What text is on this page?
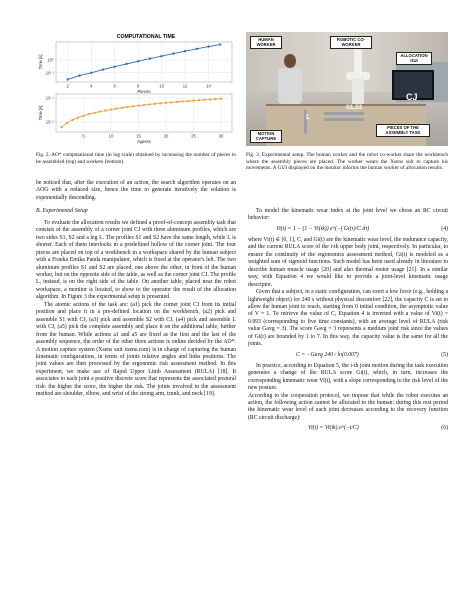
COMPUTATIONAL TIME
2	4	6	8	10	12	14
10⁰
10⁻¹
Pieces
Time [s]
5	10	15	20	25	30
10⁻¹
10⁻²
Agents
Time [s]
Fig. 2. AO* computational time (in log scale) obtained by increasing the number of pieces to be assembled (top) and workers (bottom).
HUMAN WORKER
ROBOTIC CO-WORKER
ALLOCATION GUI
MOTION CAPTURE
PIECES OF THE ASSEMBLY TASK
CJ
L
S1,S2
Fig. 3. Experimental setup. The human worker and the robot co-worker share the workbench where the assembly pieces are placed. The worker wears the Xsens suit to capture his movements. A GUI displayed on the monitor informs the human worker of allocation results.

be noticed that, after the execution of an action, the search algorithm operates on an AOG with a reduced size, hence the time to generate iteratively the solution is exponentially descending.

B. Experimental Setup

To evaluate the allocation results we defined a proof-of-concept assembly task that consists of the assembly of a corner joint CJ with three aluminum profiles, which are two sides S1, S2 and a leg L. The profiles S1 and S2 have the same length, while L is shorter. Each of them interlocks in a predefined hollow of the corner joint. The four pieces are placed on top of a workbench in a workspace shared by the human subject with a Franka Emika Panda manipulator, which is fixed at the operator's left. The two aluminum profiles S1 and S2 are placed, one above the other, in front of the human worker, but on the opposite side of the table, as well as the corner joint CJ. The profile L, instead, is on the right side of the table. On another table, placed near the robot workspace, a monitor is located, to show to the operator the result of the allocation algorithm. In Figure 3 the experimental setup is presented.

The atomic actions of the task are: (a1) pick the corner joint CJ from its initial position and place it in a pre-defined location on the workbench, (a2) pick and assemble S1 with CJ, (a3) pick and assemble S2 with CJ, (a4) pick and assemble L with CJ, (a5) pick the complete assembly and place it on the additional table, further from the human. While actions a1 and a5 are fixed as the first and the last of the assembly sequence, the order of the other three actions is online decided by the AO*. A motion capture system (Xsens suit xsens.com) is in charge of capturing the human kinematic configurations, in terms of joints relative angles and links positions. The joint values are then processed by the ergonomic risk assessment method. In this experiment, we make use of Rapid Upper Limb Assessment (RULA) [18]. It associates to each joint a positive discrete score that represents the associated postural risk: the higher the score, the higher the risk. The joints involved in the assessment method are shoulder, elbow, and wrist of the strong arm, trunk, and neck [19].

To model the kinematic wear index at the joint level we chose an RC circuit behavior:

Vi(t) = 1 − (1 − Vi(tk)) e^(−∫ Gi(τ)/C dτ)	(4)

where Vi(t) ∈ [0, 1], C, and Gi(t) are the kinematic wear level, the endurance capacity, and the current RULA score of the i-th upper body joint, respectively. In particular, to ensure the continuity of the ergonomics assessment method, Gi(t) is modeled as a weighted sum of sigmoid functions. Such model has been used already in literature to describe human muscle usage [20] and also thermal motor usage [21]. In a similar way, with Equation 4 we would like to provide a joint-level kinematic usage descriptor.

Given that a subject, in a static configuration, can exert a low force (e.g., holding a lightweight object) for 240 s without physical discomfort [22], the capacity C is set to allow the human joint to reach, starting from 0 initial condition, the asymptotic value of V = 1. To retrieve the value of C, Equation 4 is inverted with a value of Vi(t) = 0.993 (corresponding to five time constants), with an average level of RULA (risk value Gavg = 3). The score Gavg = 3 represents a medium joint risk since the values of Gi(t) are bounded by 1 to 7. In this way, the capacity value is the same for all the joints.

C = −Gavg 240 / ln(0.007)	(5)

In practice, according to Equation 5, the i-th joint motion during the task execution generates a change of the RULA score Gi(t), which, in turn, increases the corresponding kinematic wear Vi(t), with a slope corresponding to the risk level of the new posture.

According to the cooperation protocol, we impose that while the robot executes an action, the following action cannot be allocated to the human: during this rest period the kinematic wear level of each joint decreases according to the recovery function (RC circuit discharge):

Vi(t) = Vi(tk) e^(−t/C)	(6)
